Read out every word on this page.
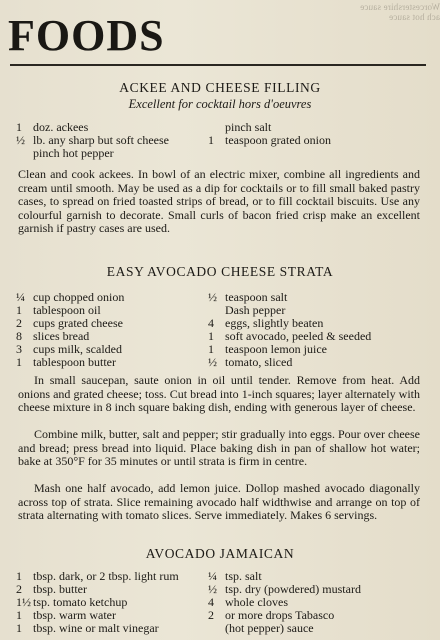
Worcestershire sauce
ach hot sauce
FOODS
ACKEE AND CHEESE FILLING
Excellent for cocktail hors d'oeuvres
1 doz. ackees
½ lb. any sharp but soft cheese
pinch hot pepper
pinch salt
1 teaspoon grated onion

Clean and cook ackees. In bowl of an electric mixer, combine all ingredients and cream until smooth. May be used as a dip for cocktails or to fill small baked pastry cases, to spread on fried toasted strips of bread, or to fill cocktail biscuits. Use any colourful garnish to decorate. Small curls of bacon fried crisp make an excellent garnish if pastry cases are used.

EASY AVOCADO CHEESE STRATA
¼ cup chopped onion
1 tablespoon oil
2 cups grated cheese
8 slices bread
3 cups milk, scalded
1 tablespoon butter
½ teaspoon salt
Dash pepper
4 eggs, slightly beaten
1 soft avocado, peeled & seeded
1 teaspoon lemon juice
½ tomato, sliced

In small saucepan, saute onion in oil until tender. Remove from heat. Add onions and grated cheese; toss. Cut bread into 1-inch squares; layer alternately with cheese mixture in 8 inch square baking dish, ending with generous layer of cheese.

Combine milk, butter, salt and pepper; stir gradually into eggs. Pour over cheese and bread; press bread into liquid. Place baking dish in pan of shallow hot water; bake at 350°F for 35 minutes or until strata is firm in centre.

Mash one half avocado, add lemon juice. Dollop mashed avocado diagonally across top of strata. Slice remaining avocado half widthwise and arrange on top of strata alternating with tomato slices. Serve immediately. Makes 6 servings.

AVOCADO JAMAICAN
1 tbsp. dark, or 2 tbsp. light rum
2 tbsp. butter
1½ tsp. tomato ketchup
1 tbsp. warm water
1 tbsp. wine or malt vinegar
¼ tsp. salt
½ tsp. dry (powdered) mustard
4 whole cloves
2 or more drops Tabasco
(hot pepper) sauce
